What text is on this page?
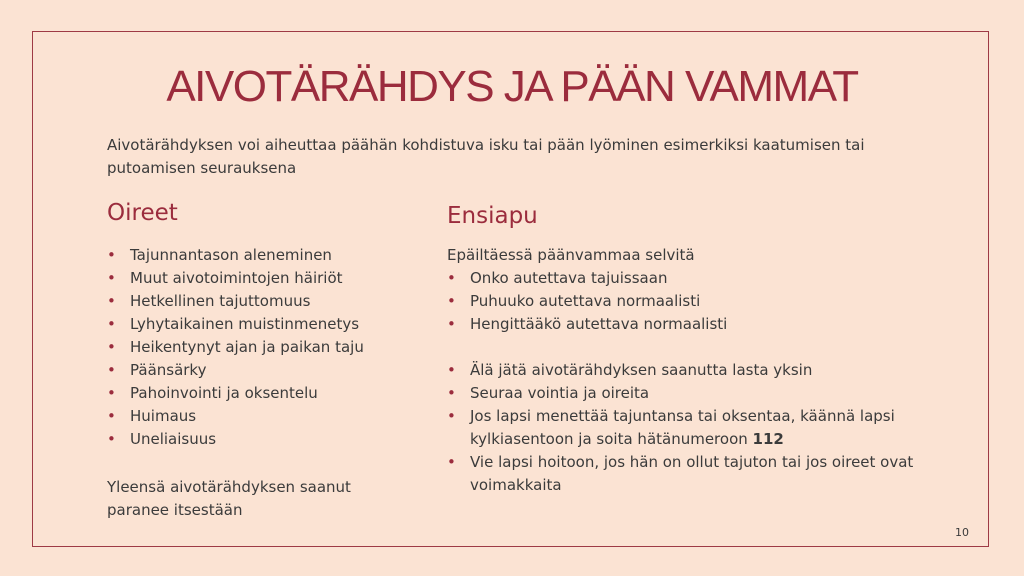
AIVOTÄRÄHDYS JA PÄÄN VAMMAT

Aivotärähdyksen voi aiheuttaa päähän kohdistuva isku tai pään lyöminen esimerkiksi kaatumisen tai putoamisen seurauksena

Oireet
• Tajunnantason aleneminen
• Muut aivotoimintojen häiriöt
• Hetkellinen tajuttomuus
• Lyhytaikainen muistinmenetys
• Heikentynyt ajan ja paikan taju
• Päänsärky
• Pahoinvointi ja oksentelu
• Huimaus
• Uneliaisuus

Yleensä aivotärähdyksen saanut paranee itsestään

Ensiapu

Epäiltäessä päänvammaa selvitä

• Onko autettava tajuissaan
• Puhuuko autettava normaalisti
• Hengittääkö autettava normaalisti
• Älä jätä aivotärähdyksen saanutta lasta yksin
• Seuraa vointia ja oireita
• Jos lapsi menettää tajuntansa tai oksentaa, käännä lapsi kylkiasentoon ja soita hätänumeroon 112
• Vie lapsi hoitoon, jos hän on ollut tajuton tai jos oireet ovat voimakkaita
10
